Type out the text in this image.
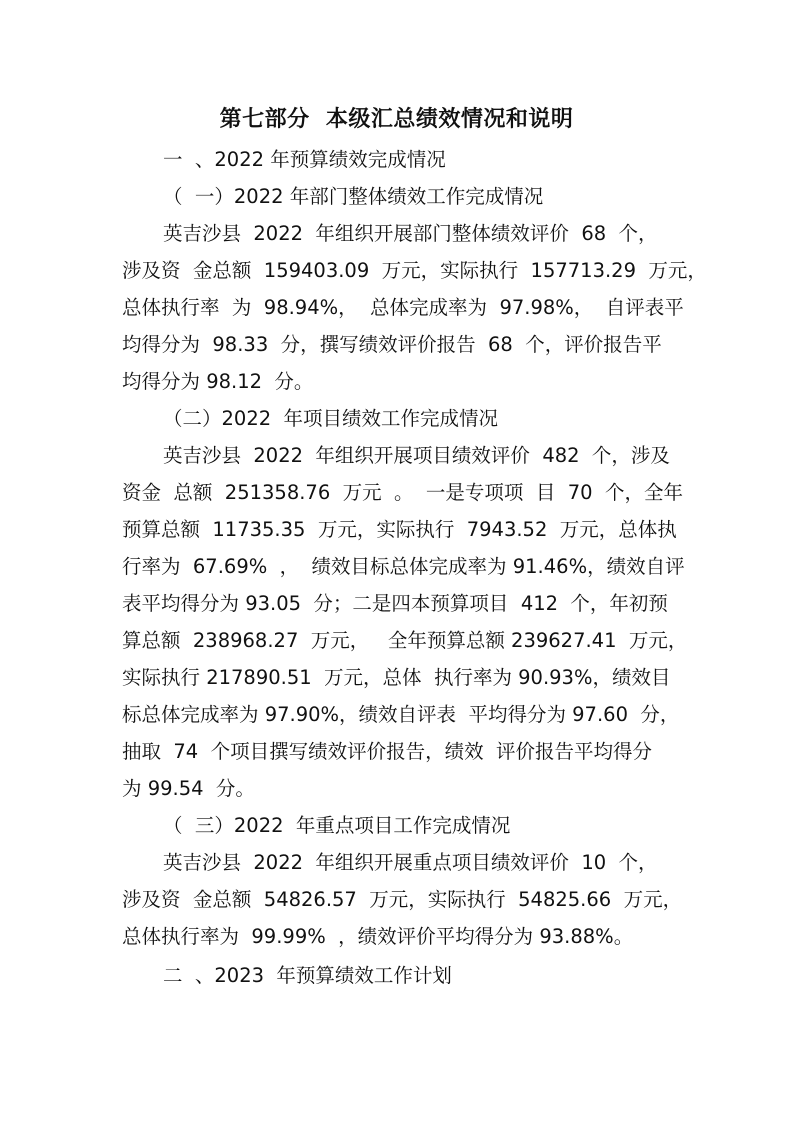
第七部分  本级汇总绩效情况和说明
一  、2022 年预算绩效完成情况
（  一）2022 年部门整体绩效工作完成情况
英吉沙县  2022  年组织开展部门整体绩效评价  68  个，
涉及资  金总额  159403.09  万元，实际执行  157713.29  万元，
总体执行率  为  98.94%，  总体完成率为  97.98%，  自评表平
均得分为  98.33  分，撰写绩效评价报告  68  个，评价报告平
均得分为 98.12  分。
（二）2022  年项目绩效工作完成情况
英吉沙县  2022  年组织开展项目绩效评价  482  个，涉及
资金  总额  251358.76  万元  。  一是专项项  目  70  个，全年
预算总额  11735.35  万元，实际执行  7943.52  万元，总体执
行率为  67.69%  ，  绩效目标总体完成率为 91.46%，绩效自评
表平均得分为 93.05  分；二是四本预算项目  412  个，年初预
算总额  238968.27  万元，   全年预算总额 239627.41  万元，
实际执行 217890.51  万元，总体  执行率为 90.93%，绩效目
标总体完成率为 97.90%，绩效自评表  平均得分为 97.60  分，
抽取  74  个项目撰写绩效评价报告，绩效  评价报告平均得分
为 99.54  分。
（  三）2022  年重点项目工作完成情况
英吉沙县  2022  年组织开展重点项目绩效评价  10  个，
涉及资  金总额  54826.57  万元，实际执行  54825.66  万元，
总体执行率为  99.99%  ，绩效评价平均得分为 93.88%。
二  、2023  年预算绩效工作计划
